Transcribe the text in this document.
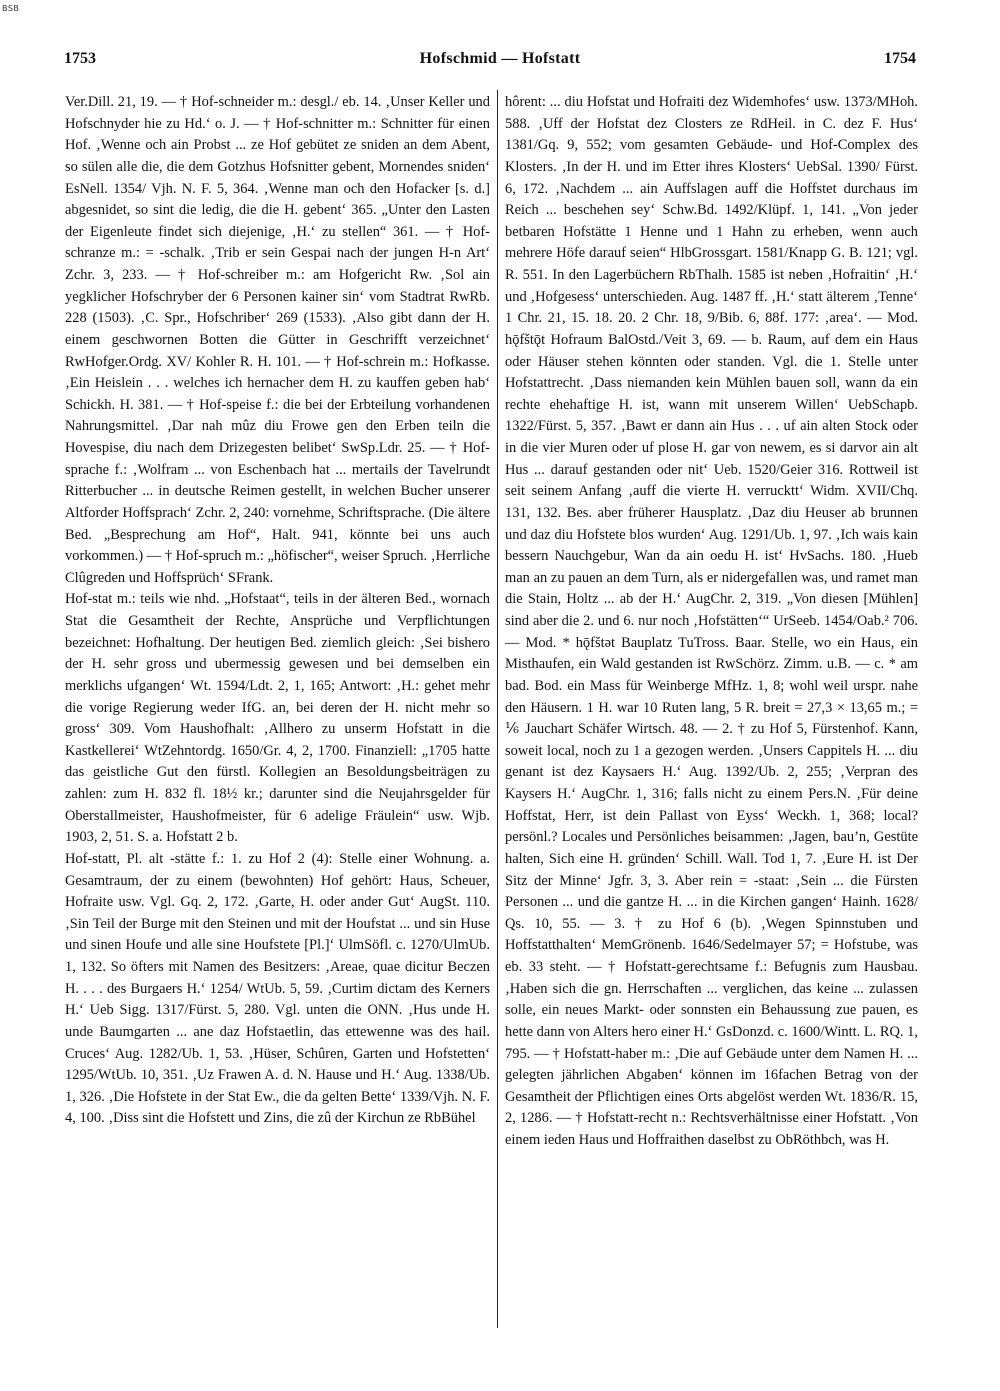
BSB
1753	Hofschmid — Hofstatt	1754

Ver.Dill. 21, 19. — † Hof-schneider m.: desgl./ eb. 14. ‚Unser Keller und Hofschnyder hie zu Hd.‘ o. J. — † Hof-schnitter m.: Schnitter für einen Hof. ‚Wenne och ain Probst ... ze Hof gebütet ze sniden an dem Abent, so sülen alle die, die dem Gotzhus Hofsnitter gebent, Mornendes sniden‘ EsNell. 1354/ Vjh. N. F. 5, 364. ‚Wenne man och den Hofacker [s. d.] abgesnidet, so sint die ledig, die die H. gebent‘ 365. „Unter den Lasten der Eigenleute findet sich diejenige, ‚H.‘ zu stellen“ 361. — † Hof-schranze m.: = -schalk. ‚Trib er sein Gespai nach der jungen H-n Art‘ Zchr. 3, 233. — † Hof-schreiber m.: am Hofgericht Rw. ‚Sol ain yegklicher Hofschryber der 6 Personen kainer sin‘ vom Stadtrat RwRb. 228 (1503). ‚C. Spr., Hofschriber‘ 269 (1533). ‚Also gibt dann der H. einem geschwornen Botten die Gütter in Geschrifft verzeichnet‘ RwHofger.Ordg. XV/ Kohler R. H. 101. — † Hof-schrein m.: Hofkasse. ‚Ein Heislein . . . welches ich hernacher dem H. zu kauffen geben hab‘ Schickh. H. 381. — † Hof-speise f.: die bei der Erbteilung vorhandenen Nahrungsmittel. ‚Dar nah mûz diu Frowe gen den Erben teiln die Hovespise, diu nach dem Drizegesten belibet‘ SwSp.Ldr. 25. — † Hof-sprache f.: ‚Wolfram ... von Eschenbach hat ... mertails der Tavelrundt Ritterbucher ... in deutsche Reimen gestellt, in welchen Bucher unserer Altforder Hoffsprach‘ Zchr. 2, 240: vornehme, Schriftsprache. (Die ältere Bed. „Besprechung am Hof“, Halt. 941, könnte bei uns auch vorkommen.) — † Hof-spruch m.: „höfischer“, weiser Spruch. ‚Herrliche Clûgreden und Hoffsprüch‘ SFrank.

Hof-stat m.: teils wie nhd. „Hofstaat“, teils in der älteren Bed., wornach Stat die Gesamtheit der Rechte, Ansprüche und Verpflichtungen bezeichnet: Hofhaltung. Der heutigen Bed. ziemlich gleich: ‚Sei bishero der H. sehr gross und ubermessig gewesen und bei demselben ein merklichs ufgangen‘ Wt. 1594/Ldt. 2, 1, 165; Antwort: ‚H.: gehet mehr die vorige Regierung weder IfG. an, bei deren der H. nicht mehr so gross‘ 309. Vom Haushofhalt: ‚Allhero zu unserm Hofstatt in die Kastkellerei‘ WtZehntordg. 1650/Gr. 4, 2, 1700. Finanziell: „1705 hatte das geistliche Gut den fürstl. Kollegien an Besoldungsbeiträgen zu zahlen: zum H. 832 fl. 18½ kr.; darunter sind die Neujahrsgelder für Oberstallmeister, Haushofmeister, für 6 adelige Fräulein“ usw. Wjb. 1903, 2, 51. S. a. Hofstatt 2 b.

Hof-statt, Pl. alt -stätte f.: 1. zu Hof 2 (4): Stelle einer Wohnung. a. Gesamtraum, der zu einem (bewohnten) Hof gehört: Haus, Scheuer, Hofraite usw. Vgl. Gq. 2, 172. ‚Garte, H. oder ander Gut‘ AugSt. 110. ‚Sin Teil der Burge mit den Steinen und mit der Houfstat ... und sin Huse und sinen Houfe und alle sine Houfstete [Pl.]‘ UlmSöfl. c. 1270/UlmUb. 1, 132. So öfters mit Namen des Besitzers: ‚Areae, quae dicitur Beczen H. . . . des Burgaers H.‘ 1254/ WtUb. 5, 59. ‚Curtim dictam des Kerners H.‘ Ueb Sigg. 1317/Fürst. 5, 280. Vgl. unten die ONN. ‚Hus unde H. unde Baumgarten ... ane daz Hofstaetlin, das ettewenne was des hail. Cruces‘ Aug. 1282/Ub. 1, 53. ‚Hüser, Schûren, Garten und Hofstetten‘ 1295/WtUb. 10, 351. ‚Uz Frawen A. d. N. Hause und H.‘ Aug. 1338/Ub. 1, 326. ‚Die Hofstete in der Stat Ew., die da gelten Bette‘ 1339/Vjh. N. F. 4, 100. ‚Diss sint die Hofstett und Zins, die zû der Kirchun ze RbBühel

hôrent: ... diu Hofstat und Hofraiti dez Widemhofes‘ usw. 1373/MHoh. 588. ‚Uff der Hofstat dez Closters ze RdHeil. in C. dez F. Hus‘ 1381/Gq. 9, 552; vom gesamten Gebäude- und Hof-Complex des Klosters. ‚In der H. und im Etter ihres Klosters‘ UebSal. 1390/ Fürst. 6, 172. ‚Nachdem ... ain Auffslagen auff die Hoffstet durchaus im Reich ... beschehen sey‘ Schw.Bd. 1492/Klüpf. 1, 141. „Von jeder betbaren Hofstätte 1 Henne und 1 Hahn zu erheben, wenn auch mehrere Höfe darauf seien“ HlbGrossgart. 1581/Knapp G. B. 121; vgl. R. 551. In den Lagerbüchern RbThalh. 1585 ist neben ‚Hofraitin‘ ‚H.‘ und ‚Hofgesess‘ unterschieden. Aug. 1487 ff. ‚H.‘ statt älterem ‚Tenne‘ 1 Chr. 21, 15. 18. 20. 2 Chr. 18, 9/Bib. 6, 88f. 177: ‚area‘. — Mod. hǭfštǭt Hofraum BalOstd./Veit 3, 69. — b. Raum, auf dem ein Haus oder Häuser stehen könnten oder standen. Vgl. die 1. Stelle unter Hofstattrecht. ‚Dass niemanden kein Mühlen bauen soll, wann da ein rechte ehehaftige H. ist, wann mit unserem Willen‘ UebSchapb. 1322/Fürst. 5, 357. ‚Bawt er dann ain Hus . . . uf ain alten Stock oder in die vier Muren oder uf plose H. gar von newem, es si darvor ain alt Hus ... darauf gestanden oder nit‘ Ueb. 1520/Geier 316. Rottweil ist seit seinem Anfang ‚auff die vierte H. verrucktt‘ Widm. XVII/Chq. 131, 132. Bes. aber früherer Hausplatz. ‚Daz diu Heuser ab brunnen und daz diu Hofstete blos wurden‘ Aug. 1291/Ub. 1, 97. ‚Ich wais kain bessern Nauchgebur, Wan da ain oedu H. ist‘ HvSachs. 180. ‚Hueb man an zu pauen an dem Turn, als er nidergefallen was, und ramet man die Stain, Holtz ... ab der H.‘ AugChr. 2, 319. „Von diesen [Mühlen] sind aber die 2. und 6. nur noch ‚Hofstätten‘“ UrSeeb. 1454/Oab.² 706. — Mod. * hǭfštət Bauplatz TuTross. Baar. Stelle, wo ein Haus, ein Misthaufen, ein Wald gestanden ist RwSchörz. Zimm. u.B. — c. * am bad. Bod. ein Mass für Weinberge MfHz. 1, 8; wohl weil urspr. nahe den Häusern. 1 H. war 10 Ruten lang, 5 R. breit = 27,3 × 13,65 m.; = ⅙ Jauchart Schäfer Wirtsch. 48. — 2. † zu Hof 5, Fürstenhof. Kann, soweit local, noch zu 1 a gezogen werden. ‚Unsers Cappitels H. ... diu genant ist dez Kaysaers H.‘ Aug. 1392/Ub. 2, 255; ‚Verpran des Kaysers H.‘ AugChr. 1, 316; falls nicht zu einem Pers.N. ‚Für deine Hoffstat, Herr, ist dein Pallast von Eyss‘ Weckh. 1, 368; local? persönl.? Locales und Persönliches beisammen: ‚Jagen, bau’n, Gestüte halten, Sich eine H. gründen‘ Schill. Wall. Tod 1, 7. ‚Eure H. ist Der Sitz der Minne‘ Jgfr. 3, 3. Aber rein = -staat: ‚Sein ... die Fürsten Personen ... und die gantze H. ... in die Kirchen gangen‘ Hainh. 1628/ Qs. 10, 55. — 3. † zu Hof 6 (b). ‚Wegen Spinnstuben und Hoffstatthalten‘ MemGrönenb. 1646/Sedelmayer 57; = Hofstube, was eb. 33 steht. — † Hofstatt-gerechtsame f.: Befugnis zum Hausbau. ‚Haben sich die gn. Herrschaften ... verglichen, das keine ... zulassen solle, ein neues Markt- oder sonnsten ein Behaussung zue pauen, es hette dann von Alters hero einer H.‘ GsDonzd. c. 1600/Wintt. L. RQ. 1, 795. — † Hofstatt-haber m.: ‚Die auf Gebäude unter dem Namen H. ... gelegten jährlichen Abgaben‘ können im 16fachen Betrag von der Gesamtheit der Pflichtigen eines Orts abgelöst werden Wt. 1836/R. 15, 2, 1286. — † Hofstatt-recht n.: Rechtsverhältnisse einer Hofstatt. ‚Von einem ieden Haus und Hoffraithen daselbst zu ObRöthbch, was H.
